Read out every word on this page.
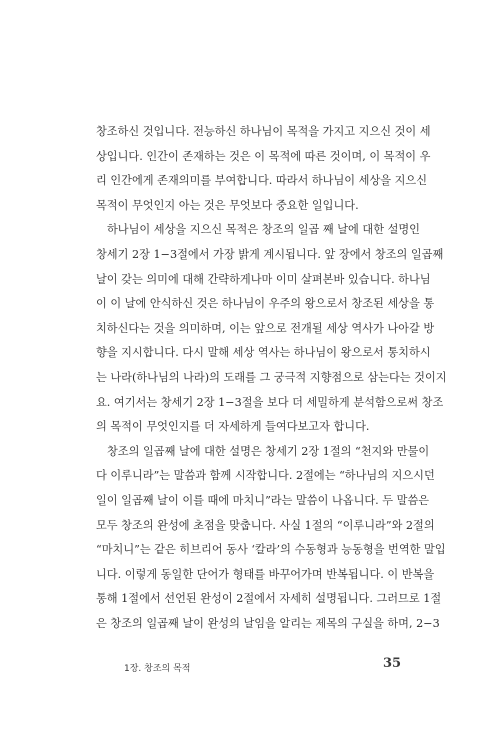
창조하신 것입니다. 전능하신 하나님이 목적을 가지고 지으신 것이 세
상입니다. 인간이 존재하는 것은 이 목적에 따른 것이며, 이 목적이 우
리 인간에게 존재의미를 부여합니다. 따라서 하나님이 세상을 지으신
목적이 무엇인지 아는 것은 무엇보다 중요한 일입니다.
하나님이 세상을 지으신 목적은 창조의 일곱 째 날에 대한 설명인
창세기 2장 1−3절에서 가장 밝게 계시됩니다. 앞 장에서 창조의 일곱째
날이 갖는 의미에 대해 간략하게나마 이미 살펴본바 있습니다. 하나님
이 이 날에 안식하신 것은 하나님이 우주의 왕으로서 창조된 세상을 통
치하신다는 것을 의미하며, 이는 앞으로 전개될 세상 역사가 나아갈 방
향을 지시합니다. 다시 말해 세상 역사는 하나님이 왕으로서 통치하시
는 나라(하나님의 나라)의 도래를 그 궁극적 지향점으로 삼는다는 것이지
요. 여기서는 창세기 2장 1−3절을 보다 더 세밀하게 분석함으로써 창조
의 목적이 무엇인지를 더 자세하게 들여다보고자 합니다.
창조의 일곱째 날에 대한 설명은 창세기 2장 1절의 “천지와 만물이
다 이루니라”는 말씀과 함께 시작합니다. 2절에는 “하나님의 지으시던
일이 일곱째 날이 이를 때에 마치니”라는 말씀이 나옵니다. 두 말씀은
모두 창조의 완성에 초점을 맞춥니다. 사실 1절의 “이루니라”와 2절의
“마치니”는 같은 히브리어 동사 ‘칼라’의 수동형과 능동형을 번역한 말입
니다. 이렇게 동일한 단어가 형태를 바꾸어가며 반복됩니다. 이 반복을
통해 1절에서 선언된 완성이 2절에서 자세히 설명됩니다. 그러므로 1절
은 창조의 일곱째 날이 완성의 날임을 알리는 제목의 구실을 하며, 2−3
1장. 창조의 목적	35
